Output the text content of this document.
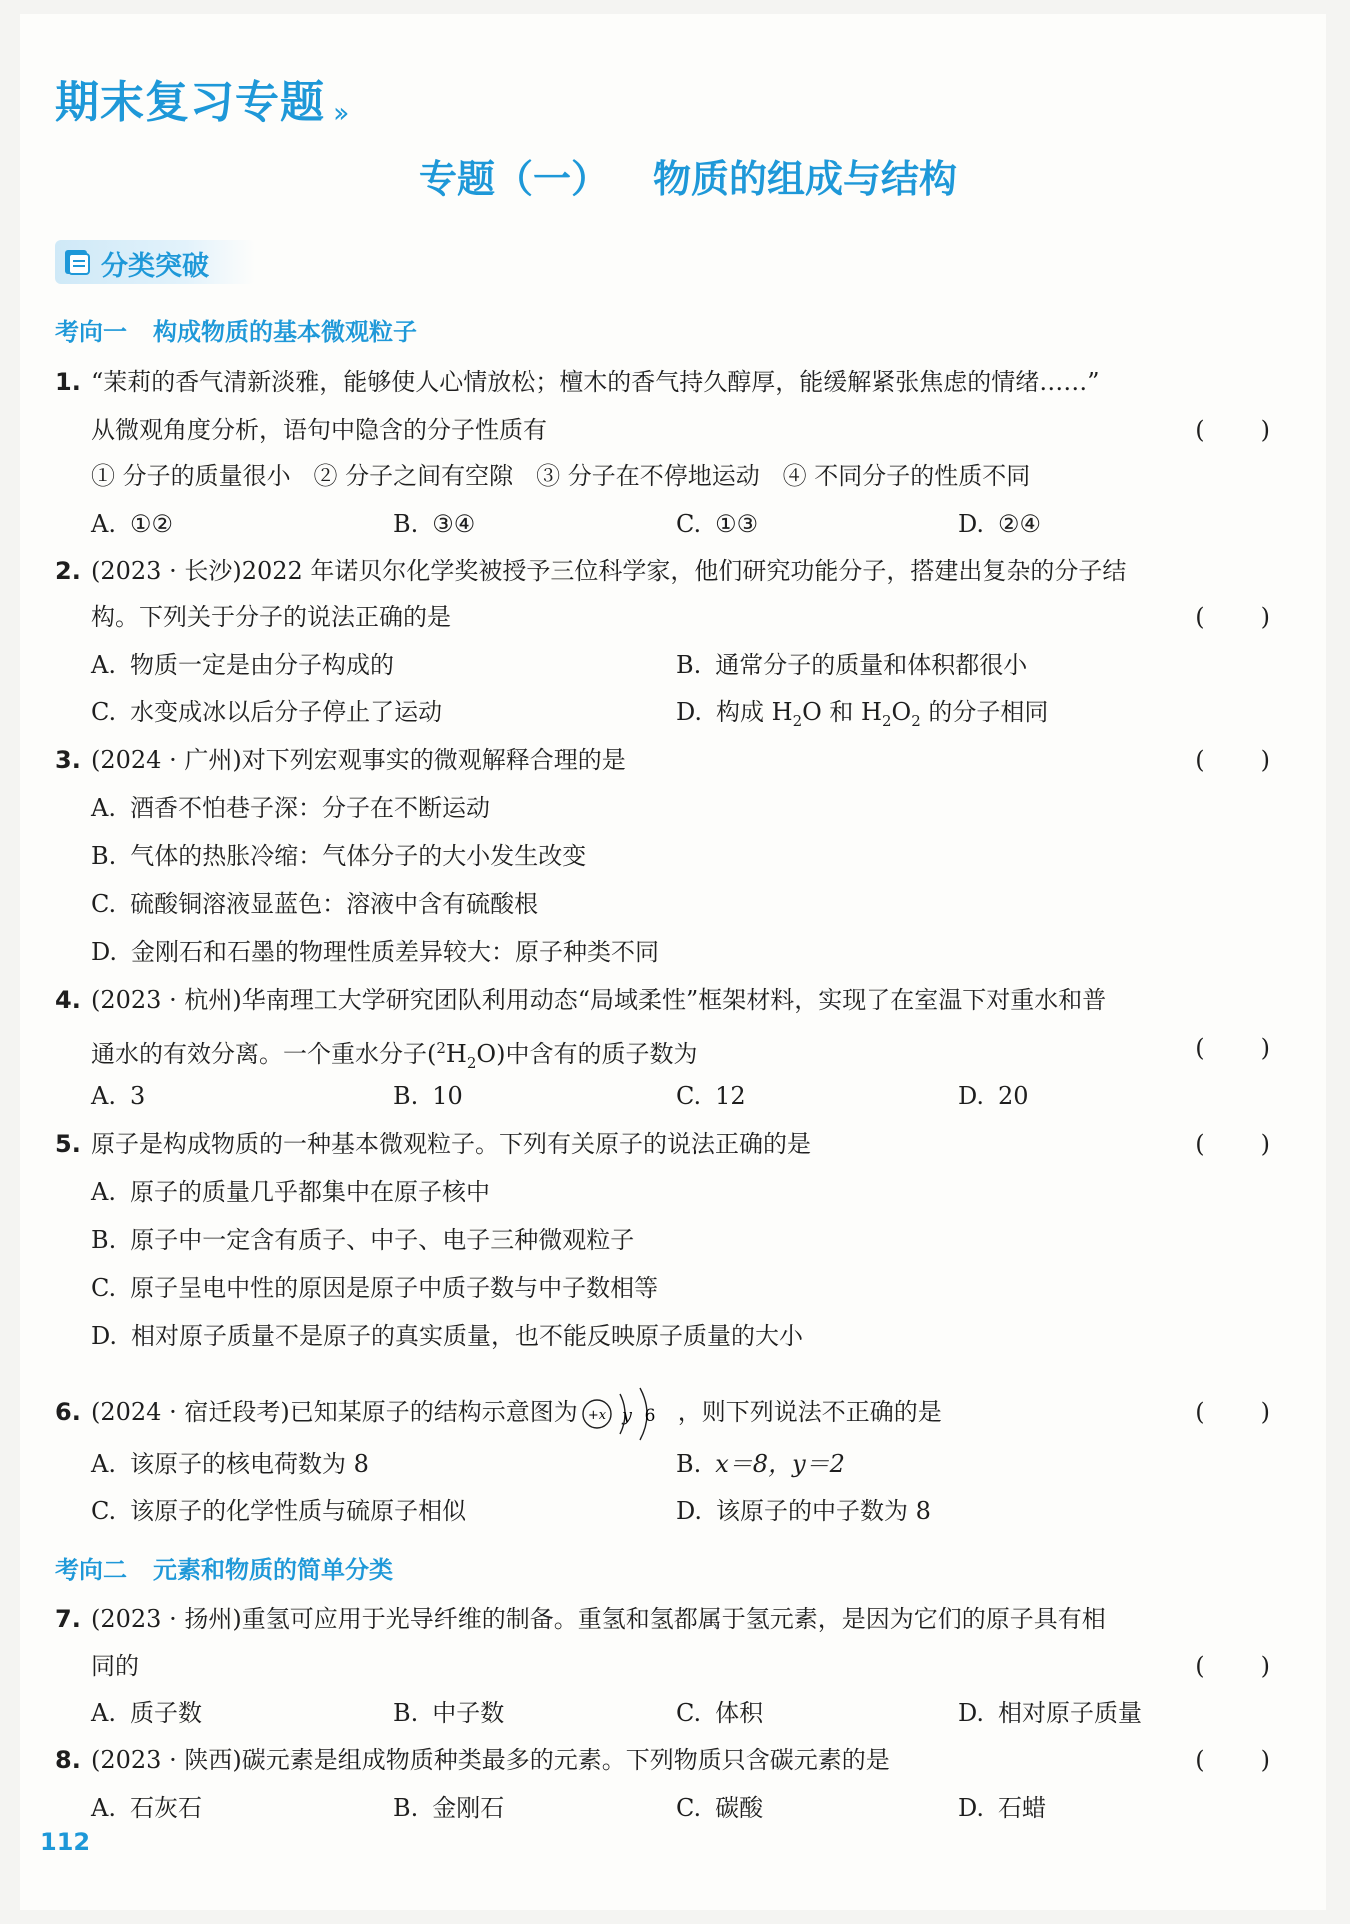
期末复习专题 ››
专题（一） 物质的组成与结构
分类突破
考向一 构成物质的基本微观粒子
1. “茉莉的香气清新淡雅，能够使人心情放松；檀木的香气持久醇厚，能缓解紧张焦虑的情绪……”
从微观角度分析，语句中隐含的分子性质有	(　)
① 分子的质量很小 ② 分子之间有空隙 ③ 分子在不停地运动 ④ 不同分子的性质不同
A. ①②	B. ③④	C. ①③	D. ②④
2. (2023 · 长沙)2022 年诺贝尔化学奖被授予三位科学家，他们研究功能分子，搭建出复杂的分子结
构。下列关于分子的说法正确的是	(　)
A. 物质一定是由分子构成的	B. 通常分子的质量和体积都很小
C. 水变成冰以后分子停止了运动	D. 构成 $H_2O$ 和 $H_2O_2$ 的分子相同
3. (2024 · 广州)对下列宏观事实的微观解释合理的是	(　)
A. 酒香不怕巷子深：分子在不断运动
B. 气体的热胀冷缩：气体分子的大小发生改变
C. 硫酸铜溶液显蓝色：溶液中含有硫酸根
D. 金刚石和石墨的物理性质差异较大：原子种类不同
4. (2023 · 杭州)华南理工大学研究团队利用动态“局域柔性”框架材料，实现了在室温下对重水和普
通水的有效分离。一个重水分子$(^2H_2O)$中含有的质子数为	(　)
A. 3	B. 10	C. 12	D. 20
5. 原子是构成物质的一种基本微观粒子。下列有关原子的说法正确的是	(　)
A. 原子的质量几乎都集中在原子核中
B. 原子中一定含有质子、中子、电子三种微观粒子
C. 原子呈电中性的原因是原子中质子数与中子数相等
D. 相对原子质量不是原子的真实质量，也不能反映原子质量的大小
6. (2024 · 宿迁段考)已知某原子的结构示意图为 +x y 6 ，则下列说法不正确的是	(　)
A. 该原子的核电荷数为 8	B. x＝8，y＝2
C. 该原子的化学性质与硫原子相似	D. 该原子的中子数为 8
考向二 元素和物质的简单分类
7. (2023 · 扬州)重氢可应用于光导纤维的制备。重氢和氢都属于氢元素，是因为它们的原子具有相
同的	(　)
A. 质子数	B. 中子数	C. 体积	D. 相对原子质量
8. (2023 · 陕西)碳元素是组成物质种类最多的元素。下列物质只含碳元素的是	(　)
A. 石灰石	B. 金刚石	C. 碳酸	D. 石蜡
112
